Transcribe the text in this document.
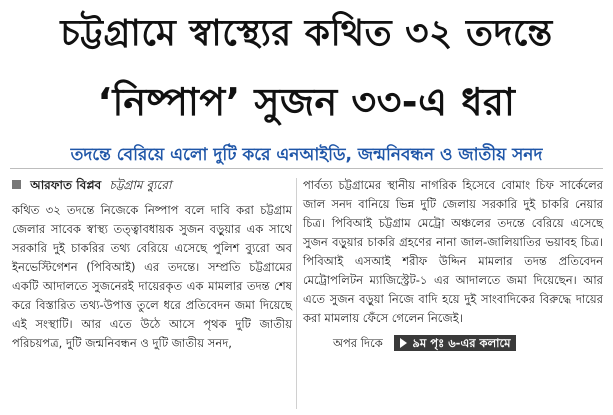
চট্টগ্রামে স্বাস্থ্যের কথিত ৩২ তদন্তে
‘নিষ্পাপ’ সুজন ৩৩-এ ধরা
তদন্তে বেরিয়ে এলো দুটি করে এনআইডি, জন্মনিবন্ধন ও জাতীয় সনদ
আরফাত বিপ্লব চট্টগ্রাম ব্যুরো

কথিত ৩২ তদন্তে নিজেকে নিষ্পাপ বলে দাবি করা চট্টগ্রাম জেলার সাবেক স্বাস্থ্য তত্ত্বাবধায়ক সুজন বড়ুয়ার এক সাথে সরকারি দুই চাকরির তথ্য বেরিয়ে এসেছে পুলিশ ব্যুরো অব ইনভেস্টিগেশন (পিবিআই) এর তদন্তে। সম্প্রতি চট্টগ্রামের একটি আদালতে সুজনেরই দায়েরকৃত এক মামলার তদন্ত শেষ করে বিস্তারিত তথ্য-উপাত্ত তুলে ধরে প্রতিবেদন জমা দিয়েছে এই সংস্থাটি। আর এতে উঠে আসে পৃথক দুটি জাতীয় পরিচয়পত্র, দুটি জন্মনিবন্ধন ও দুটি জাতীয় সনদ,

পার্বত্য চট্টগ্রামের স্থানীয় নাগরিক হিসেবে বোমাং চিফ সার্কেলের জাল সনদ বানিয়ে ভিন্ন দুটি জেলায় সরকারি দুই চাকরি নেয়ার চিত্র। পিবিআই চট্টগ্রাম মেট্রো অঞ্চলের তদন্তে বেরিয়ে এসেছে সুজন বড়ুয়ার চাকরি গ্রহণের নানা জাল-জালিয়াতির ভয়াবহ চিত্র। পিবিআই এসআই শরীফ উদ্দিন মামলার তদন্ত প্রতিবেদন মেট্রোপলিটন ম্যাজিস্ট্রেট-১ এর আদালতে জমা দিয়েছেন। আর এতে সুজন বড়ুয়া নিজে বাদি হয়ে দুই সাংবাদিকের বিরুদ্ধে দায়ের করা মামলায় ফেঁসে গেলেন নিজেই।

অপর দিকে	৯ম পৃঃ ৬-এর কলামে
